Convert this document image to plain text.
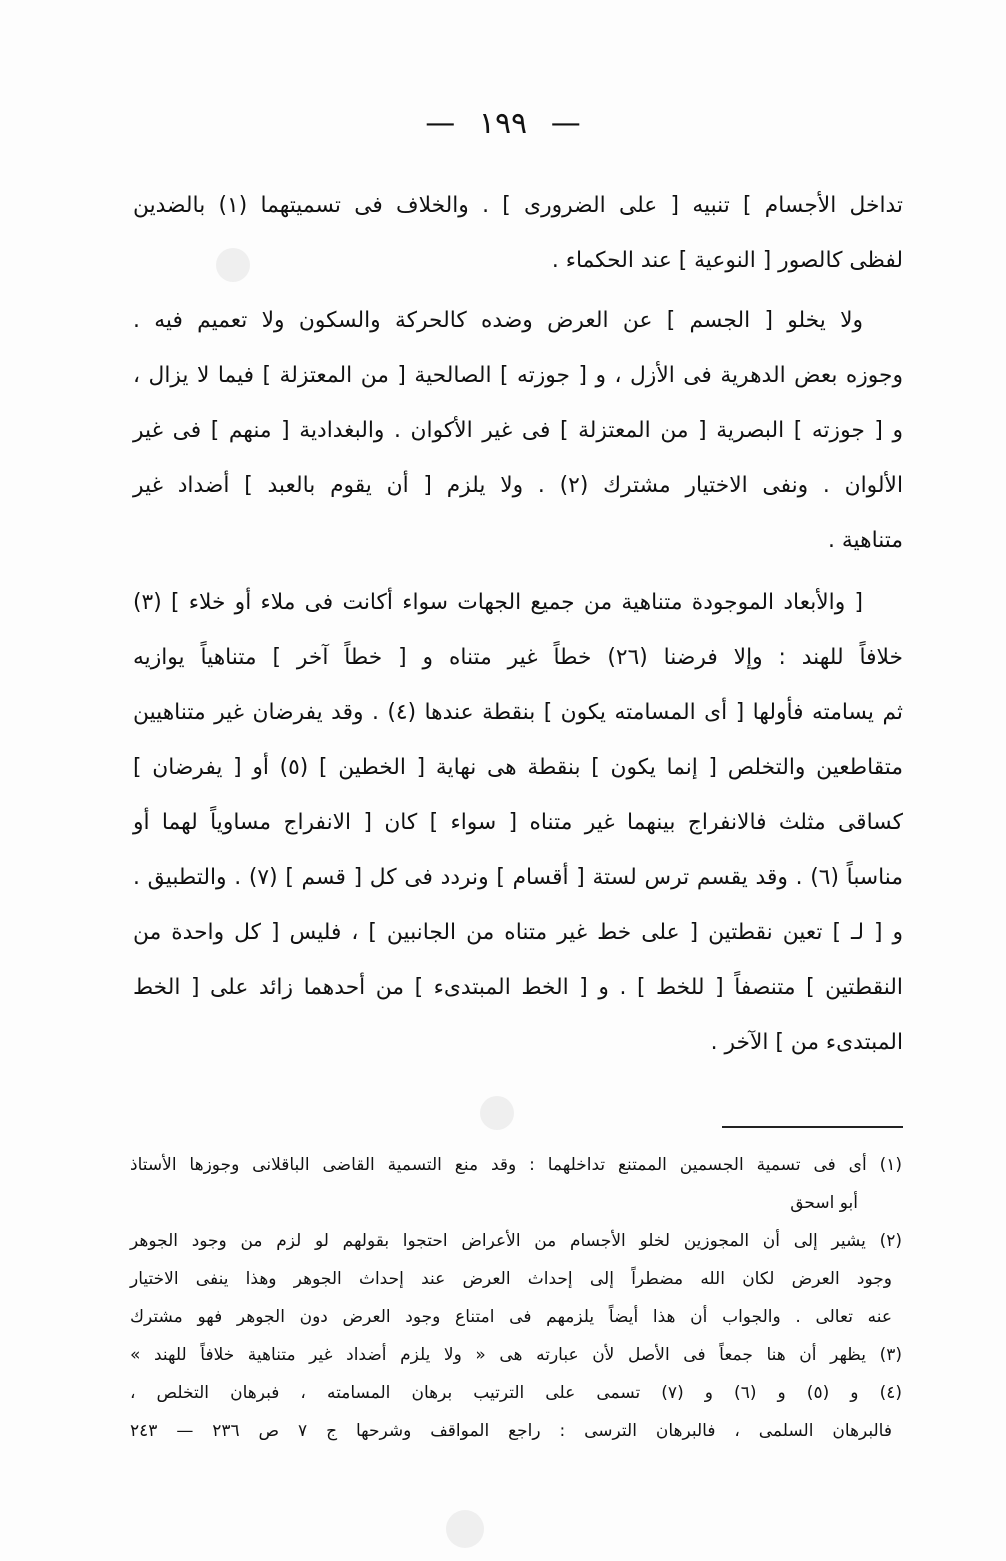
— ١٩٩ —
تداخل الأجسام ] تنبيه [ على الضرورى ] . والخلاف فى تسميتهما (١) بالضدين
لفظى كالصور [ النوعية ] عند الحكماء .
ولا يخلو [ الجسم ] عن العرض وضده كالحركة والسكون ولا تعميم فيه .
وجوزه بعض الدهرية فى الأزل ، و [ جوزته ] الصالحية [ من المعتزلة ] فيما لا يزال ،
و [ جوزته ] البصرية [ من المعتزلة ] فى غير الأكوان . والبغدادية [ منهم ] فى غير
الألوان . ونفى الاختيار مشترك (٢) . ولا يلزم [ أن يقوم بالعبد ] أضداد غير
متناهية .
[ والأبعاد الموجودة متناهية من جميع الجهات سواء أكانت فى ملاء أو خلاء ] (٣)
خلافاً للهند : وإلا فرضنا (٢٦) خطاً غير متناه و [ خطاً آخر ] متناهياً يوازيه
ثم يسامته فأولها [ أى المسامته يكون ] بنقطة عندها (٤) . وقد يفرضان غير متناهيين
متقاطعين والتخلص [ إنما يكون ] بنقطة هى نهاية [ الخطين ] (٥) أو [ يفرضان ]
كساقى مثلث فالانفراج بينهما غير متناه [ سواء ] كان [ الانفراج مساوياً لهما أو
مناسباً (٦) . وقد يقسم ترس لستة [ أقسام ] ونردد فى كل [ قسم ] (٧) . والتطبيق .
و [ لـ ] تعين نقطتين [ على خط غير متناه من الجانبين ] ، فليس [ كل واحدة من
النقطتين ] متنصفاً [ للخط ] . و [ الخط المبتدىء ] من أحدهما زائد على [ الخط
المبتدىء من ] الآخر .
(١) أى فى تسمية الجسمين الممتنع تداخلهما : وقد منع التسمية القاضى الباقلانى وجوزها الأستاذ
أبو اسحق
(٢) يشير إلى أن المجوزين لخلو الأجسام من الأعراض احتجوا بقولهم لو لزم من وجود الجوهر
وجود العرض لكان الله مضطراً إلى إحداث العرض عند إحداث الجوهر وهذا ينفى الاختيار
عنه تعالى . والجواب أن هذا أيضاً يلزمهم فى امتناع وجود العرض دون الجوهر فهو مشترك
(٣) يظهر أن هنا جمعاً فى الأصل لأن عبارته هى « ولا يلزم أضداد غير متناهية خلافاً للهند »
(٤) و (٥) و (٦) و (٧) تسمى على الترتيب برهان المسامته ، فبرهان التخلص ،
فالبرهان السلمى ، فالبرهان الترسى : راجع المواقف وشرحها ج ٧ ص ٢٣٦ — ٢٤٣
